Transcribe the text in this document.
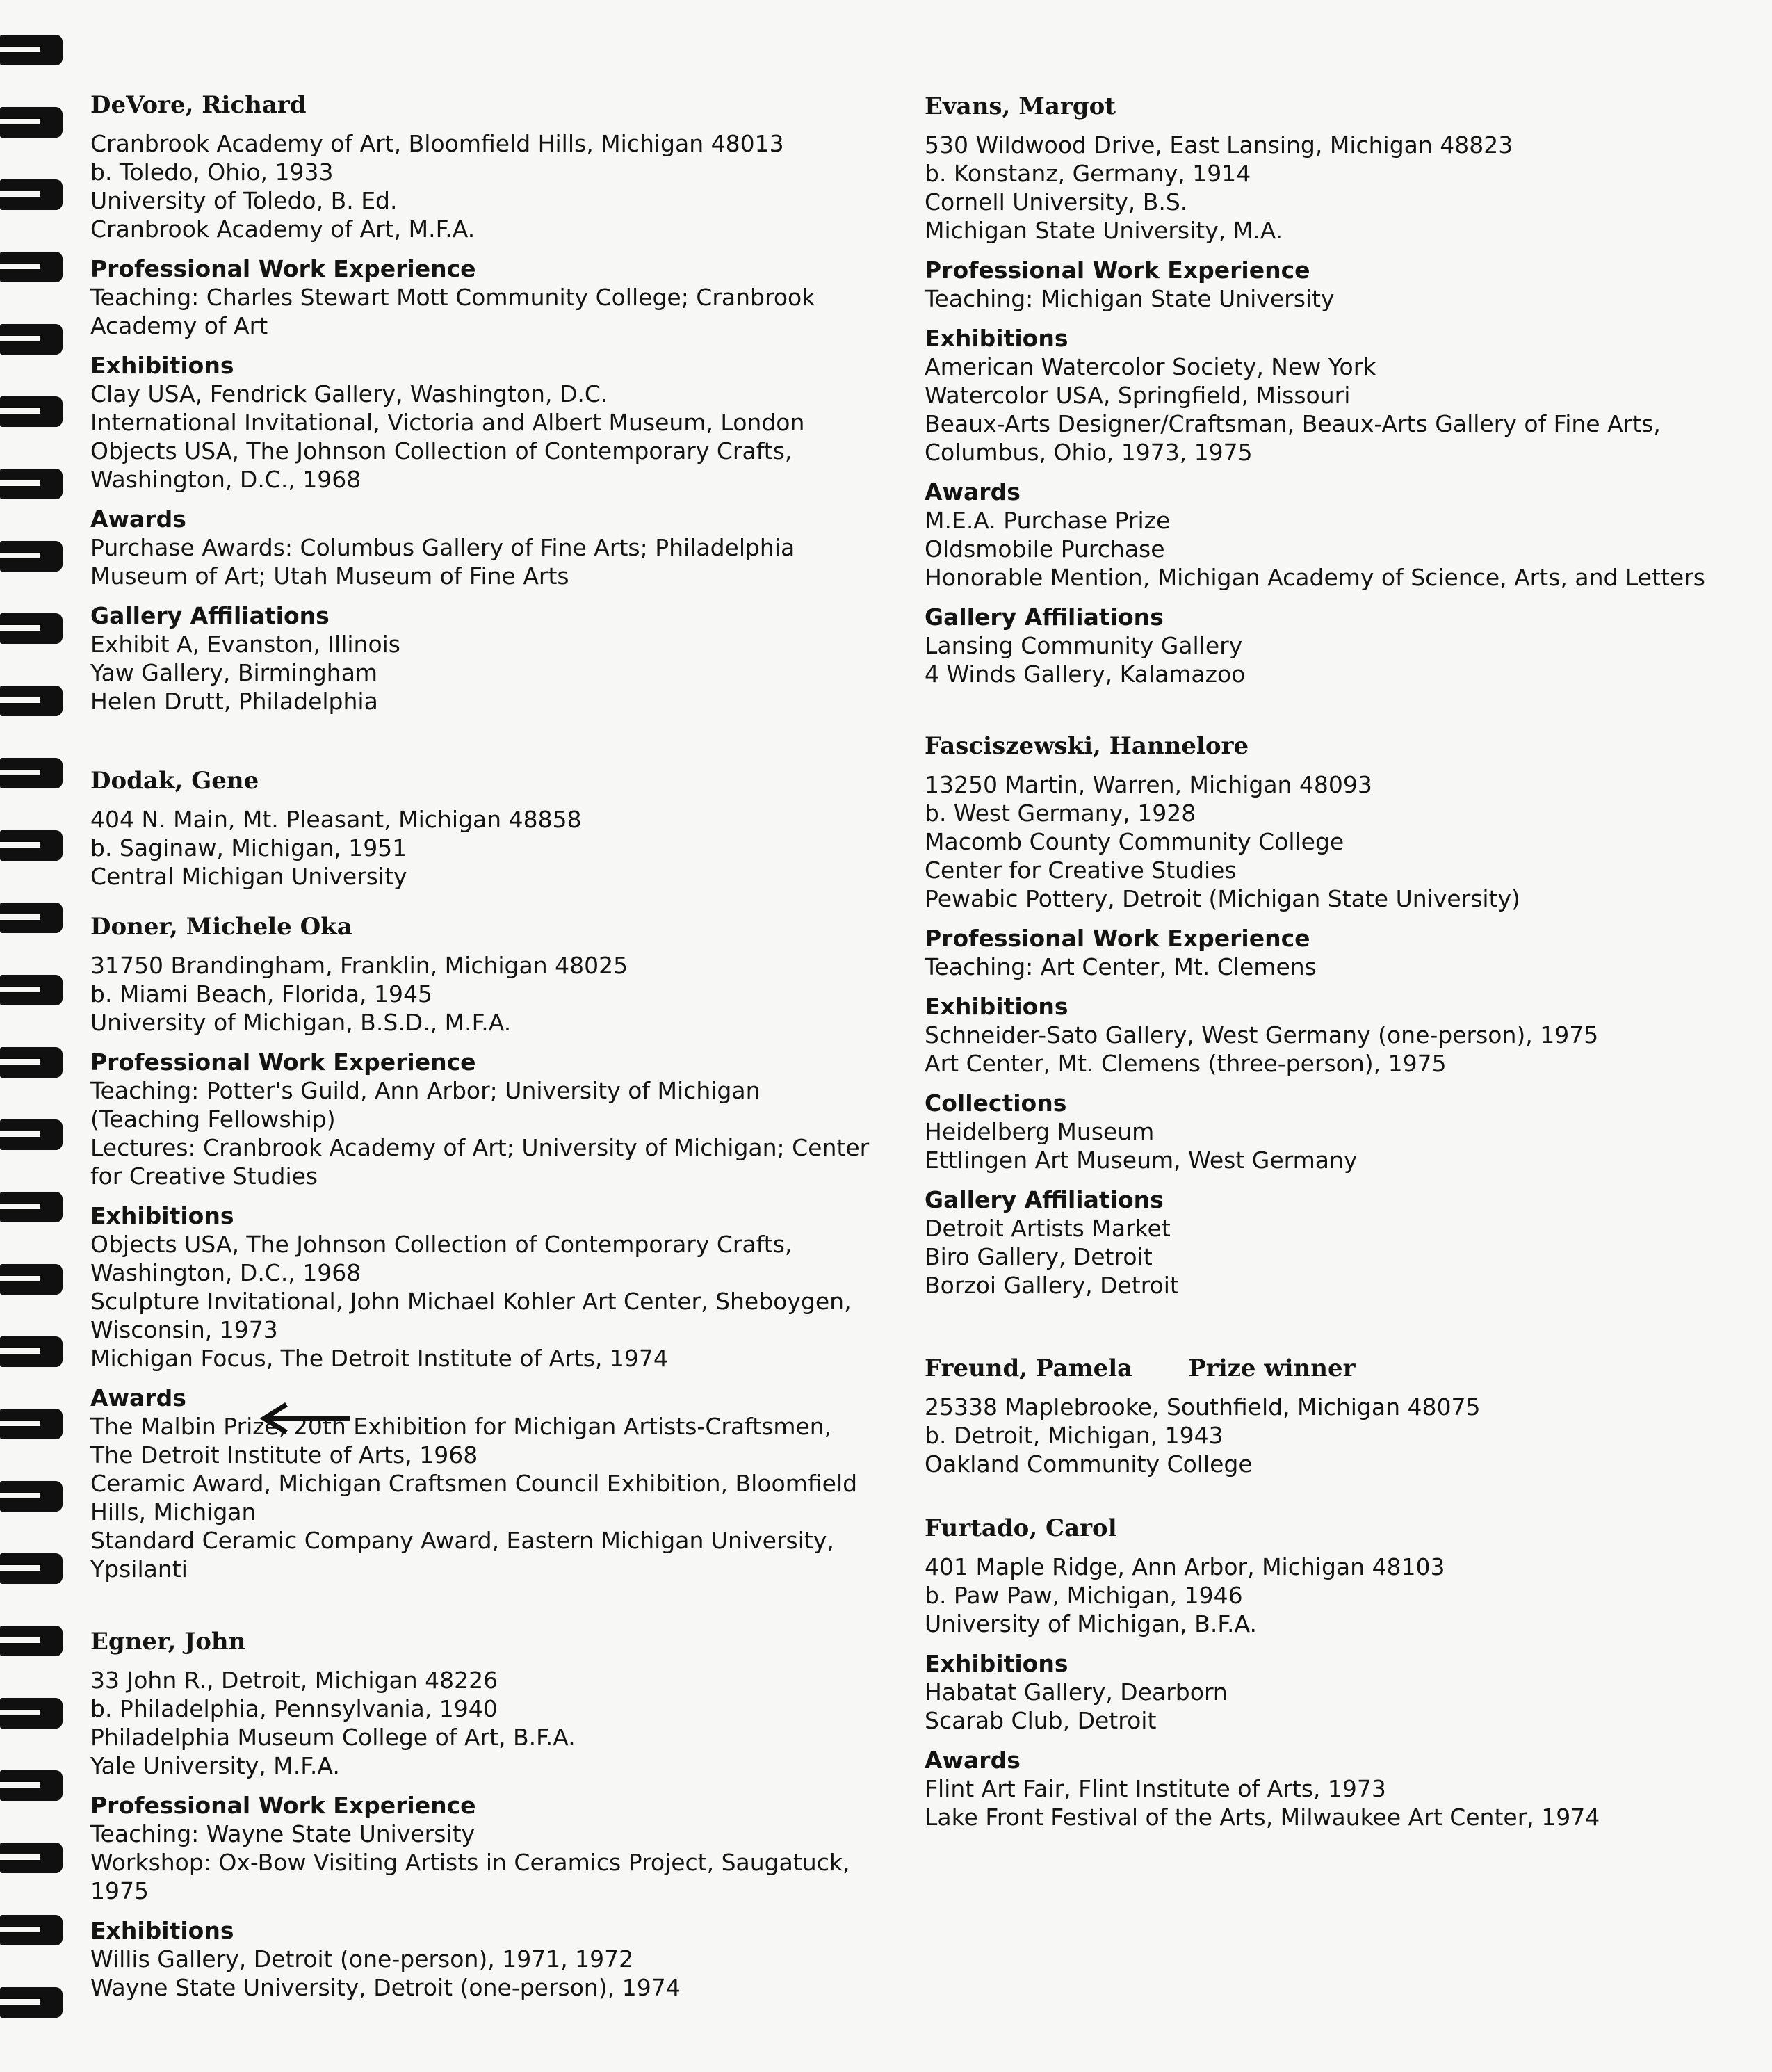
DeVore, Richard
Cranbrook Academy of Art, Bloomfield Hills, Michigan 48013
b. Toledo, Ohio, 1933
University of Toledo, B. Ed.
Cranbrook Academy of Art, M.F.A.
Professional Work Experience
Teaching: Charles Stewart Mott Community College; Cranbrook
Academy of Art
Exhibitions
Clay USA, Fendrick Gallery, Washington, D.C.
International Invitational, Victoria and Albert Museum, London
Objects USA, The Johnson Collection of Contemporary Crafts,
Washington, D.C., 1968
Awards
Purchase Awards: Columbus Gallery of Fine Arts; Philadelphia
Museum of Art; Utah Museum of Fine Arts
Gallery Affiliations
Exhibit A, Evanston, Illinois
Yaw Gallery, Birmingham
Helen Drutt, Philadelphia
Dodak, Gene
404 N. Main, Mt. Pleasant, Michigan 48858
b. Saginaw, Michigan, 1951
Central Michigan University
Doner, Michele Oka
31750 Brandingham, Franklin, Michigan 48025
b. Miami Beach, Florida, 1945
University of Michigan, B.S.D., M.F.A.
Professional Work Experience
Teaching: Potter's Guild, Ann Arbor; University of Michigan
(Teaching Fellowship)
Lectures: Cranbrook Academy of Art; University of Michigan; Center
for Creative Studies
Exhibitions
Objects USA, The Johnson Collection of Contemporary Crafts,
Washington, D.C., 1968
Sculpture Invitational, John Michael Kohler Art Center, Sheboygen,
Wisconsin, 1973
Michigan Focus, The Detroit Institute of Arts, 1974
Awards
The Malbin Prize, 20th Exhibition for Michigan Artists-Craftsmen,
The Detroit Institute of Arts, 1968
Ceramic Award, Michigan Craftsmen Council Exhibition, Bloomfield
Hills, Michigan
Standard Ceramic Company Award, Eastern Michigan University,
Ypsilanti
Egner, John
33 John R., Detroit, Michigan 48226
b. Philadelphia, Pennsylvania, 1940
Philadelphia Museum College of Art, B.F.A.
Yale University, M.F.A.
Professional Work Experience
Teaching: Wayne State University
Workshop: Ox-Bow Visiting Artists in Ceramics Project, Saugatuck,
1975
Exhibitions
Willis Gallery, Detroit (one-person), 1971, 1972
Wayne State University, Detroit (one-person), 1974
Evans, Margot
530 Wildwood Drive, East Lansing, Michigan 48823
b. Konstanz, Germany, 1914
Cornell University, B.S.
Michigan State University, M.A.
Professional Work Experience
Teaching: Michigan State University
Exhibitions
American Watercolor Society, New York
Watercolor USA, Springfield, Missouri
Beaux-Arts Designer/Craftsman, Beaux-Arts Gallery of Fine Arts,
Columbus, Ohio, 1973, 1975
Awards
M.E.A. Purchase Prize
Oldsmobile Purchase
Honorable Mention, Michigan Academy of Science, Arts, and Letters
Gallery Affiliations
Lansing Community Gallery
4 Winds Gallery, Kalamazoo
Fasciszewski, Hannelore
13250 Martin, Warren, Michigan 48093
b. West Germany, 1928
Macomb County Community College
Center for Creative Studies
Pewabic Pottery, Detroit (Michigan State University)
Professional Work Experience
Teaching: Art Center, Mt. Clemens
Exhibitions
Schneider-Sato Gallery, West Germany (one-person), 1975
Art Center, Mt. Clemens (three-person), 1975
Collections
Heidelberg Museum
Ettlingen Art Museum, West Germany
Gallery Affiliations
Detroit Artists Market
Biro Gallery, Detroit
Borzoi Gallery, Detroit
Freund, Pamela Prize winner
25338 Maplebrooke, Southfield, Michigan 48075
b. Detroit, Michigan, 1943
Oakland Community College
Furtado, Carol
401 Maple Ridge, Ann Arbor, Michigan 48103
b. Paw Paw, Michigan, 1946
University of Michigan, B.F.A.
Exhibitions
Habatat Gallery, Dearborn
Scarab Club, Detroit
Awards
Flint Art Fair, Flint Institute of Arts, 1973
Lake Front Festival of the Arts, Milwaukee Art Center, 1974
